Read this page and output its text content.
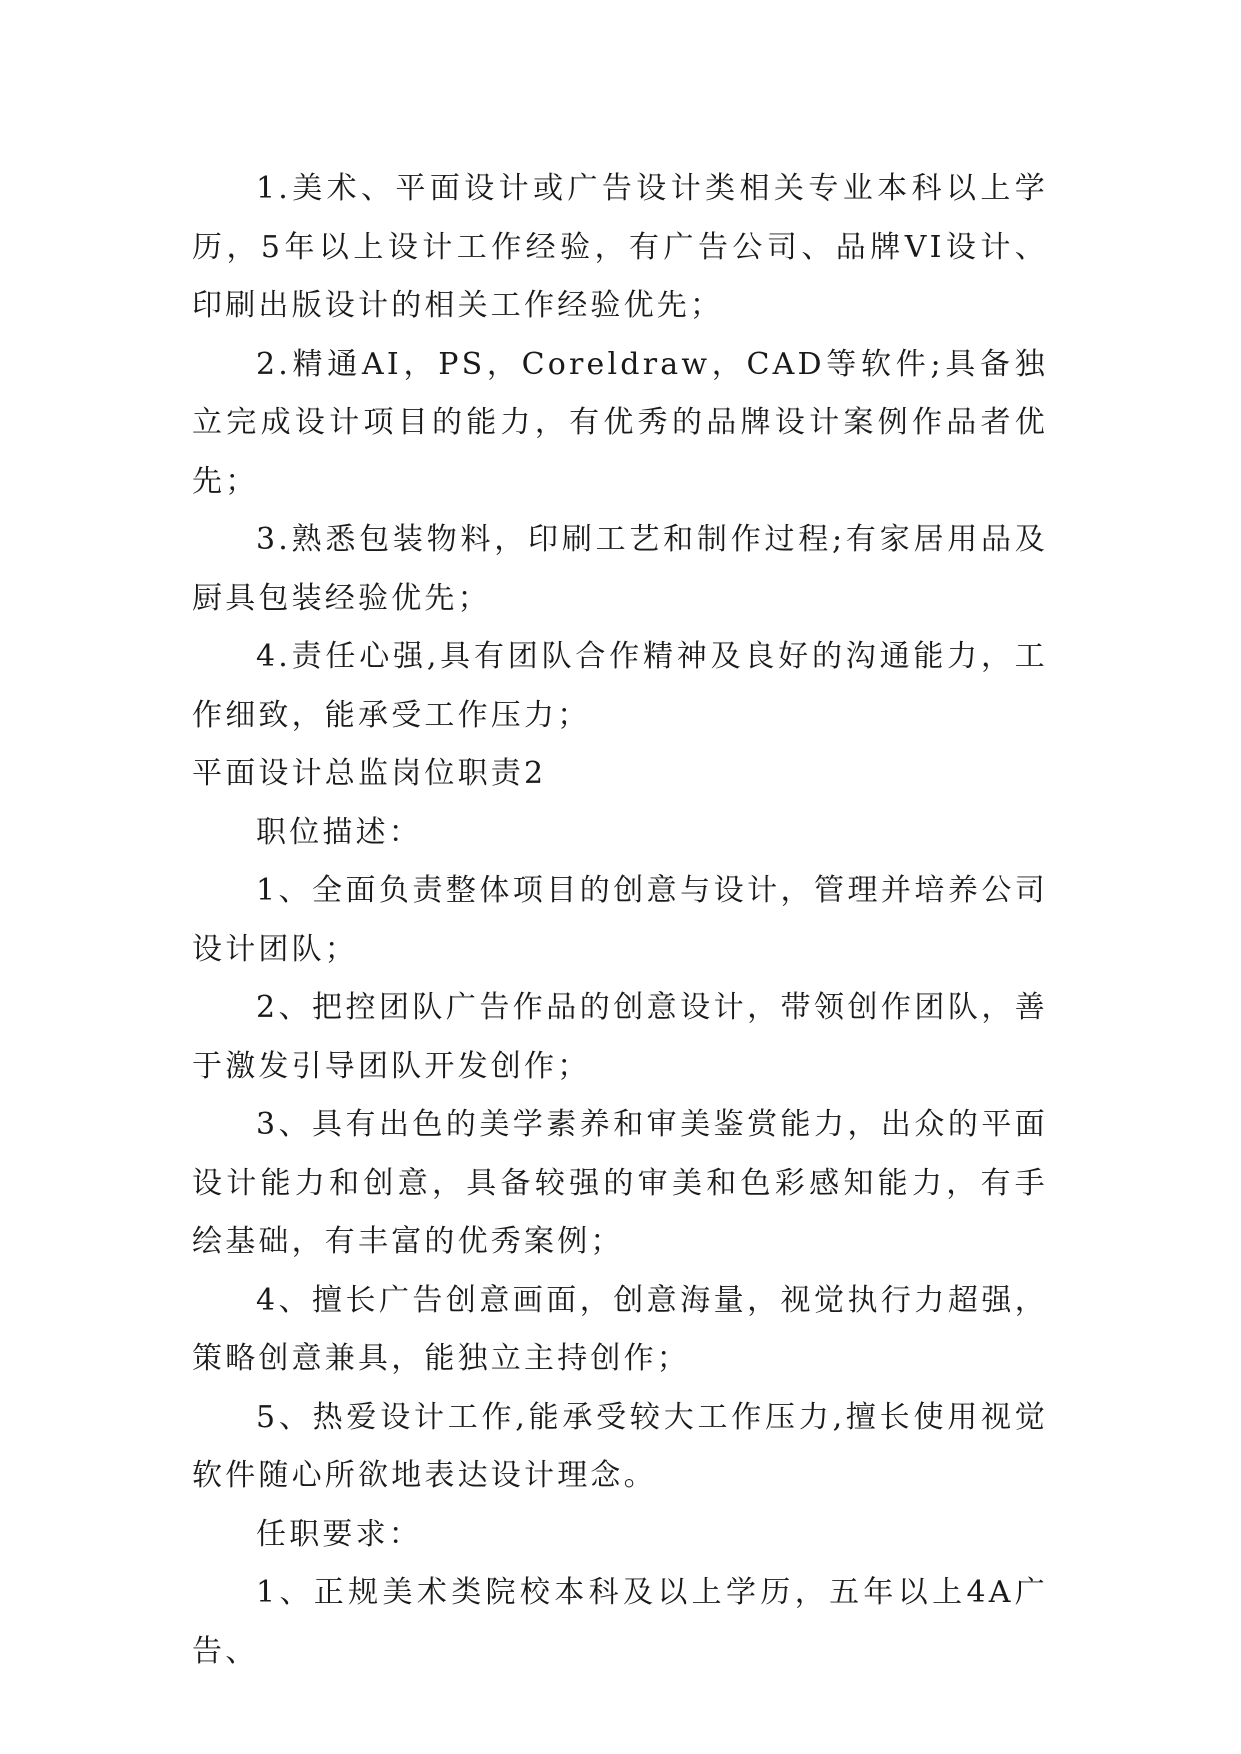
1.美术、平面设计或广告设计类相关专业本科以上学历，5年以上设计工作经验，有广告公司、品牌VI设计、印刷出版设计的相关工作经验优先；

2.精通AI，PS，Coreldraw，CAD等软件;具备独立完成设计项目的能力，有优秀的品牌设计案例作品者优先；

3.熟悉包装物料，印刷工艺和制作过程;有家居用品及厨具包装经验优先；

4.责任心强,具有团队合作精神及良好的沟通能力，工作细致，能承受工作压力；

平面设计总监岗位职责2

职位描述：

1、全面负责整体项目的创意与设计，管理并培养公司设计团队；

2、把控团队广告作品的创意设计，带领创作团队，善于激发引导团队开发创作；

3、具有出色的美学素养和审美鉴赏能力，出众的平面设计能力和创意，具备较强的审美和色彩感知能力，有手绘基础，有丰富的优秀案例；

4、擅长广告创意画面，创意海量，视觉执行力超强，策略创意兼具，能独立主持创作；

5、热爱设计工作,能承受较大工作压力,擅长使用视觉软件随心所欲地表达设计理念。

任职要求：

1、正规美术类院校本科及以上学历，五年以上4A广告、
